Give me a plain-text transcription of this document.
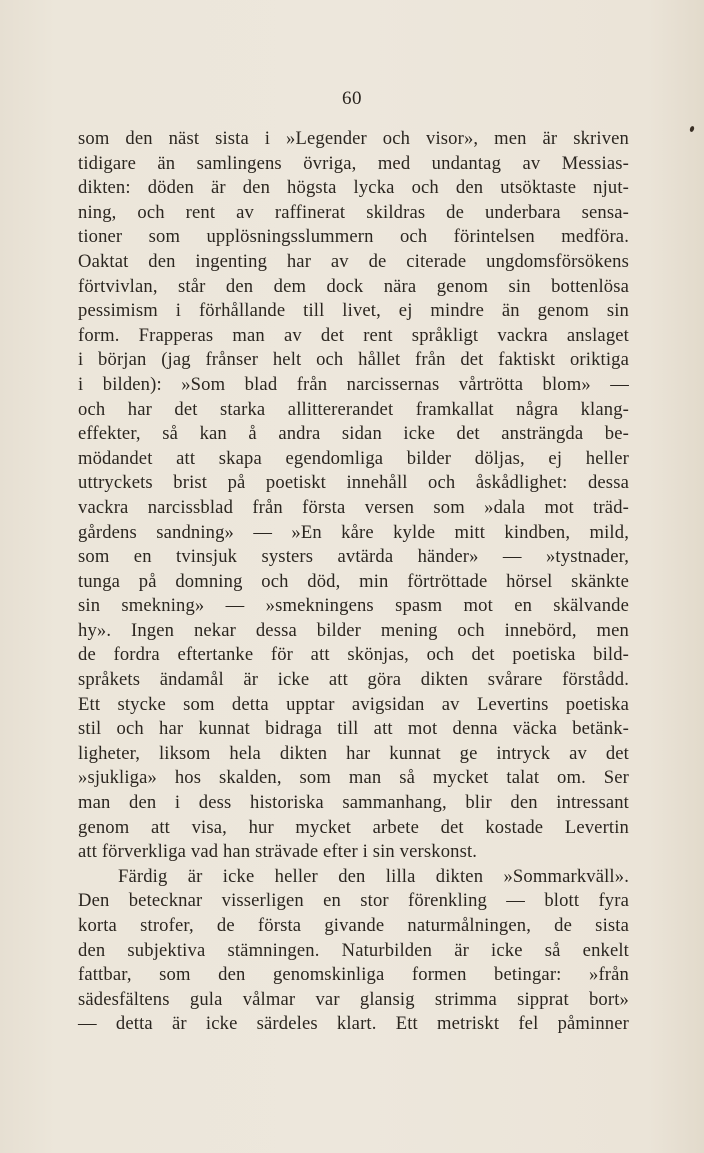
60
som den näst sista i »Legender och visor», men är skriven
tidigare än samlingens övriga, med undantag av Messias-
dikten: döden är den högsta lycka och den utsöktaste njut-
ning, och rent av raffinerat skildras de underbara sensa-
tioner som upplösningsslummern och förintelsen medföra.
Oaktat den ingenting har av de citerade ungdomsförsökens
förtvivlan, står den dem dock nära genom sin bottenlösa
pessimism i förhållande till livet, ej mindre än genom sin
form. Frapperas man av det rent språkligt vackra anslaget
i början (jag frånser helt och hållet från det faktiskt oriktiga
i bilden): »Som blad från narcissernas vårtrötta blom» —
och har det starka allittererandet framkallat några klang-
effekter, så kan å andra sidan icke det ansträngda be-
mödandet att skapa egendomliga bilder döljas, ej heller
uttryckets brist på poetiskt innehåll och åskådlighet: dessa
vackra narcissblad från första versen som »dala mot träd-
gårdens sandning» — »En kåre kylde mitt kindben, mild,
som en tvinsjuk systers avtärda händer» — »tystnader,
tunga på domning och död, min förtröttade hörsel skänkte
sin smekning» — »smekningens spasm mot en skälvande
hy». Ingen nekar dessa bilder mening och innebörd, men
de fordra eftertanke för att skönjas, och det poetiska bild-
språkets ändamål är icke att göra dikten svårare förstådd.
Ett stycke som detta upptar avigsidan av Levertins poetiska
stil och har kunnat bidraga till att mot denna väcka betänk-
ligheter, liksom hela dikten har kunnat ge intryck av det
»sjukliga» hos skalden, som man så mycket talat om. Ser
man den i dess historiska sammanhang, blir den intressant
genom att visa, hur mycket arbete det kostade Levertin
att förverkliga vad han strävade efter i sin verskonst.
Färdig är icke heller den lilla dikten »Sommarkväll».
Den betecknar visserligen en stor förenkling — blott fyra
korta strofer, de första givande naturmålningen, de sista
den subjektiva stämningen. Naturbilden är icke så enkelt
fattbar, som den genomskinliga formen betingar: »från
sädesfältens gula vålmar var glansig strimma sipprat bort»
— detta är icke särdeles klart. Ett metriskt fel påminner
